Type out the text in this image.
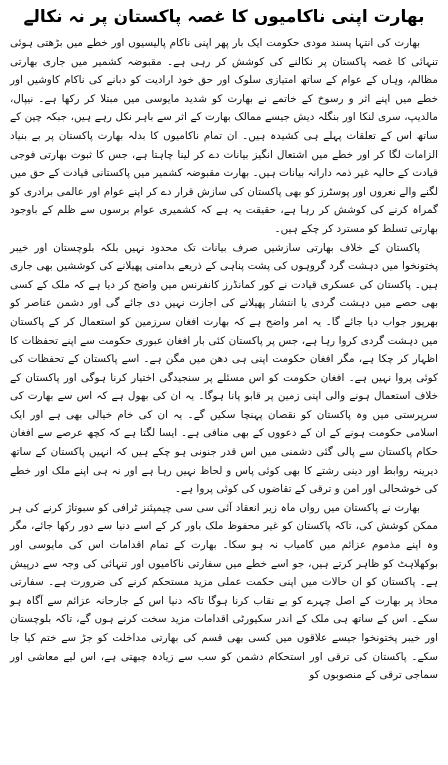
بھارت اپنی ناکامیوں کا غصہ پاکستان پر نہ نکالے

بھارت کی انتہا پسند مودی حکومت ایک بار پھر اپنی ناکام پالیسیوں اور خطے میں بڑھتی ہوئی تنہائی کا غصہ پاکستان پر نکالنے کی کوشش کر رہی ہے۔ مقبوضہ کشمیر میں جاری بھارتی مظالم، وہاں کے عوام کے ساتھ امتیازی سلوک اور حق خود ارادیت کو دبانے کی ناکام کاوشیں اور خطے میں اپنے اثر و رسوخ کے خاتمے نے بھارت کو شدید مایوسی میں مبتلا کر رکھا ہے۔ نیپال، مالدیپ، سری لنکا اور بنگلہ دیش جیسے ممالک بھارت کے اثر سے باہر نکل رہے ہیں، جبکہ چین کے ساتھ اس کے تعلقات پہلے ہی کشیدہ ہیں۔ ان تمام ناکامیوں کا بدلہ بھارت پاکستان پر بے بنیاد الزامات لگا کر اور خطے میں اشتعال انگیز بیانات دے کر لینا چاہتا ہے، جس کا ثبوت بھارتی فوجی قیادت کے حالیہ غیر ذمہ دارانہ بیانات ہیں۔ بھارت مقبوضہ کشمیر میں پاکستانی قیادت کے حق میں لگنے والے نعروں اور پوسٹرز کو بھی پاکستان کی سازش قرار دے کر اپنے عوام اور عالمی برادری کو گمراہ کرنے کی کوشش کر رہا ہے، حقیقت یہ ہے کہ کشمیری عوام برسوں سے ظلم کے باوجود بھارتی تسلط کو مسترد کر چکے ہیں۔

پاکستان کے خلاف بھارتی سازشیں صرف بیانات تک محدود نہیں بلکہ بلوچستان اور خیبر پختونخوا میں دہشت گرد گروہوں کی پشت پناہی کے ذریعے بدامنی پھیلانے کی کوششیں بھی جاری ہیں۔ پاکستان کی عسکری قیادت نے کور کمانڈرز کانفرنس میں واضح کر دیا ہے کہ ملک کے کسی بھی حصے میں دہشت گردی یا انتشار پھیلانے کی اجازت نہیں دی جائے گی اور دشمن عناصر کو بھرپور جواب دیا جائے گا۔ یہ امر واضح ہے کہ بھارت افغان سرزمین کو استعمال کر کے پاکستان میں دہشت گردی کروا رہا ہے، جس پر پاکستان کئی بار افغان عبوری حکومت سے اپنے تحفظات کا اظہار کر چکا ہے، مگر افغان حکومت اپنی ہی دھن میں مگن ہے۔ اسے پاکستان کے تحفظات کی کوئی پروا نہیں ہے۔ افغان حکومت کو اس مسئلے پر سنجیدگی اختیار کرنا ہوگی اور پاکستان کے خلاف استعمال ہونے والی اپنی زمین پر قابو پانا ہوگا۔ یہ ان کی بھول ہے کہ اس سے بھارت کی سرپرستی میں وہ پاکستان کو نقصان پہنچا سکیں گے۔ یہ ان کی خام خیالی بھی ہے اور ایک اسلامی حکومت ہونے کے ان کے دعووں کے بھی منافی ہے۔ ایسا لگتا ہے کہ کچھ عرصے سے افغان حکام پاکستان سے پالی گئی دشمنی میں اس قدر جنونی ہو چکے ہیں کہ انہیں پاکستان کے ساتھ دیرینہ روابط اور دینی رشتے کا بھی کوئی پاس و لحاظ نہیں رہا ہے اور نہ ہی اپنے ملک اور خطے کی خوشحالی اور امن و ترقی کے تقاضوں کی کوئی پروا ہے۔

بھارت نے پاکستان میں رواں ماہ زیر انعقاد آئی سی سی چیمپئنز ٹرافی کو سبوتاژ کرنے کی ہر ممکن کوشش کی، تاکہ پاکستان کو غیر محفوظ ملک باور کر کے اسے دنیا سے دور رکھا جائے، مگر وہ اپنے مذموم عزائم میں کامیاب نہ ہو سکا۔ بھارت کے تمام اقدامات اس کی مایوسی اور بوکھلاہٹ کو ظاہر کرتے ہیں، جو اسے خطے میں سفارتی ناکامیوں اور تنہائی کی وجہ سے درپیش ہے۔ پاکستان کو ان حالات میں اپنی حکمت عملی مزید مستحکم کرنے کی ضرورت ہے۔ سفارتی محاذ پر بھارت کے اصل چہرے کو بے نقاب کرنا ہوگا تاکہ دنیا اس کے جارحانہ عزائم سے آگاہ ہو سکے۔ اس کے ساتھ ہی ملک کے اندر سکیورٹی اقدامات مزید سخت کرنے ہوں گے، تاکہ بلوچستان اور خیبر پختونخوا جیسے علاقوں میں کسی بھی قسم کی بھارتی مداخلت کو جڑ سے ختم کیا جا سکے۔ پاکستان کی ترقی اور استحکام دشمن کو سب سے زیادہ چبھتی ہے، اس لیے معاشی اور سماجی ترقی کے منصوبوں کو
